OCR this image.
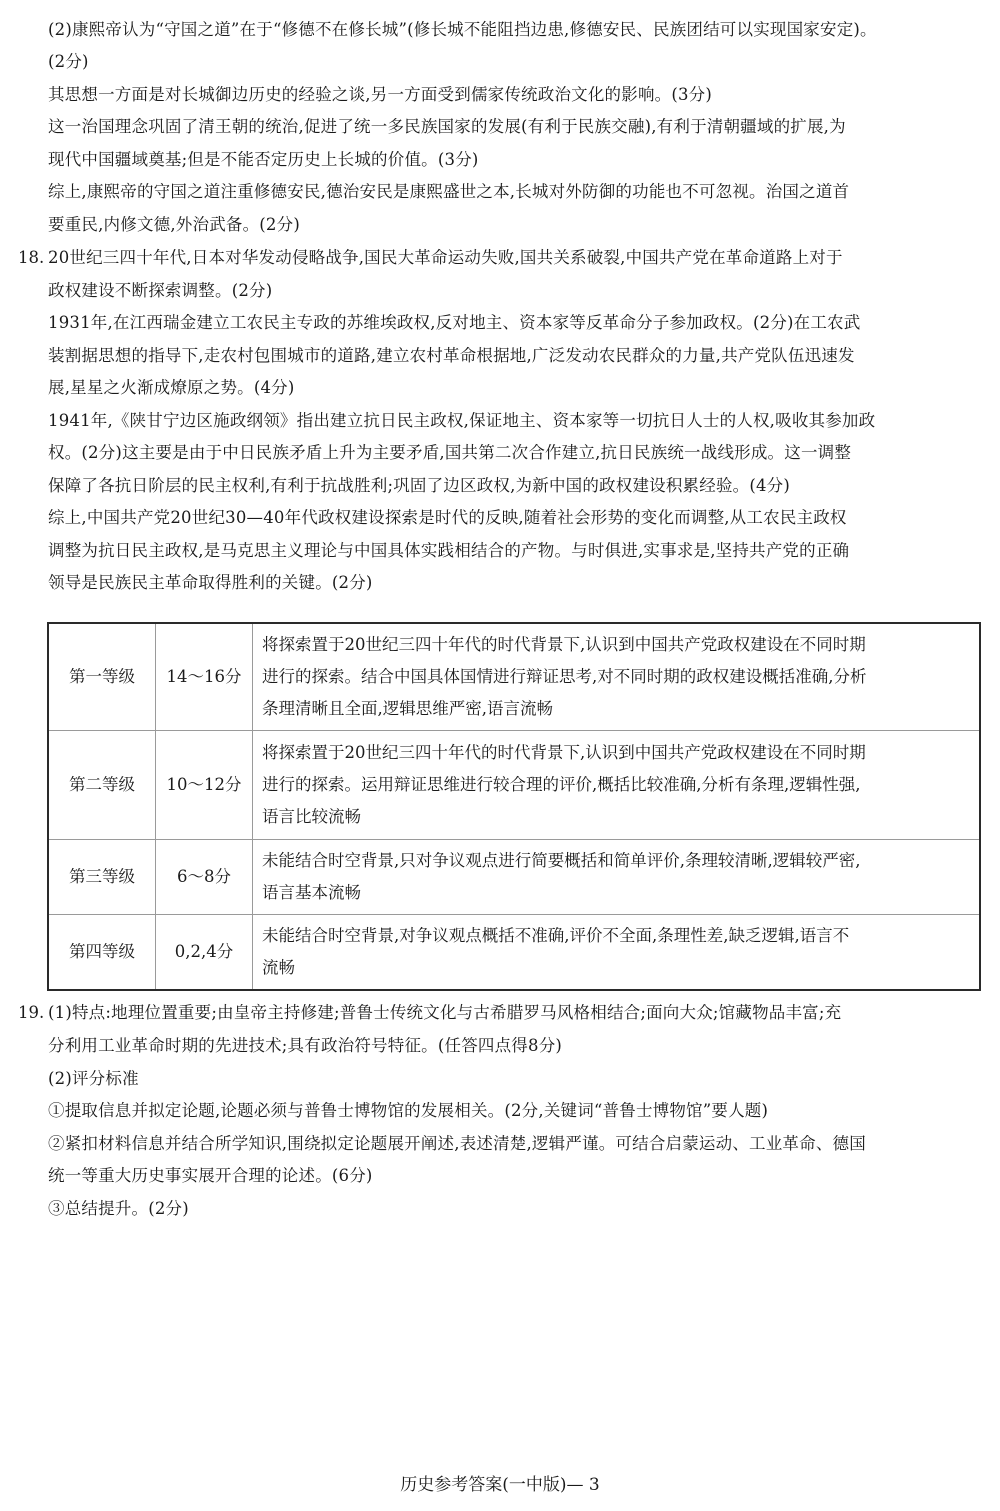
(2)康熙帝认为“守国之道”在于“修德不在修长城”(修长城不能阻挡边患,修德安民、民族团结可以实现国家安定)。
(2分)
其思想一方面是对长城御边历史的经验之谈,另一方面受到儒家传统政治文化的影响。(3分)
这一治国理念巩固了清王朝的统治,促进了统一多民族国家的发展(有利于民族交融),有利于清朝疆域的扩展,为
现代中国疆域奠基;但是不能否定历史上长城的价值。(3分)
综上,康熙帝的守国之道注重修德安民,德治安民是康熙盛世之本,长城对外防御的功能也不可忽视。治国之道首
要重民,内修文德,外治武备。(2分)
18. 20世纪三四十年代,日本对华发动侵略战争,国民大革命运动失败,国共关系破裂,中国共产党在革命道路上对于
政权建设不断探索调整。(2分)
1931年,在江西瑞金建立工农民主专政的苏维埃政权,反对地主、资本家等反革命分子参加政权。(2分)在工农武
装割据思想的指导下,走农村包围城市的道路,建立农村革命根据地,广泛发动农民群众的力量,共产党队伍迅速发
展,星星之火渐成燎原之势。(4分)
1941年,《陕甘宁边区施政纲领》指出建立抗日民主政权,保证地主、资本家等一切抗日人士的人权,吸收其参加政
权。(2分)这主要是由于中日民族矛盾上升为主要矛盾,国共第二次合作建立,抗日民族统一战线形成。这一调整
保障了各抗日阶层的民主权利,有利于抗战胜利;巩固了边区政权,为新中国的政权建设积累经验。(4分)
综上,中国共产党20世纪30—40年代政权建设探索是时代的反映,随着社会形势的变化而调整,从工农民主政权
调整为抗日民主政权,是马克思主义理论与中国具体实践相结合的产物。与时俱进,实事求是,坚持共产党的正确
领导是民族民主革命取得胜利的关键。(2分)
第一等级	14～16分	将探索置于20世纪三四十年代的时代背景下,认识到中国共产党政权建设在不同时期
进行的探索。结合中国具体国情进行辩证思考,对不同时期的政权建设概括准确,分析
条理清晰且全面,逻辑思维严密,语言流畅

第二等级	10～12分	将探索置于20世纪三四十年代的时代背景下,认识到中国共产党政权建设在不同时期
进行的探索。运用辩证思维进行较合理的评价,概括比较准确,分析有条理,逻辑性强,
语言比较流畅

第三等级	6～8分	未能结合时空背景,只对争议观点进行简要概括和简单评价,条理较清晰,逻辑较严密,
语言基本流畅

第四等级	0,2,4分	未能结合时空背景,对争议观点概括不准确,评价不全面,条理性差,缺乏逻辑,语言不
流畅
19. (1)特点:地理位置重要;由皇帝主持修建;普鲁士传统文化与古希腊罗马风格相结合;面向大众;馆藏物品丰富;充
分利用工业革命时期的先进技术;具有政治符号特征。(任答四点得8分)
(2)评分标准
①提取信息并拟定论题,论题必须与普鲁士博物馆的发展相关。(2分,关键词“普鲁士博物馆”要人题)
②紧扣材料信息并结合所学知识,围绕拟定论题展开阐述,表述清楚,逻辑严谨。可结合启蒙运动、工业革命、德国
统一等重大历史事实展开合理的论述。(6分)
③总结提升。(2分)
历史参考答案(一中版)— 3
